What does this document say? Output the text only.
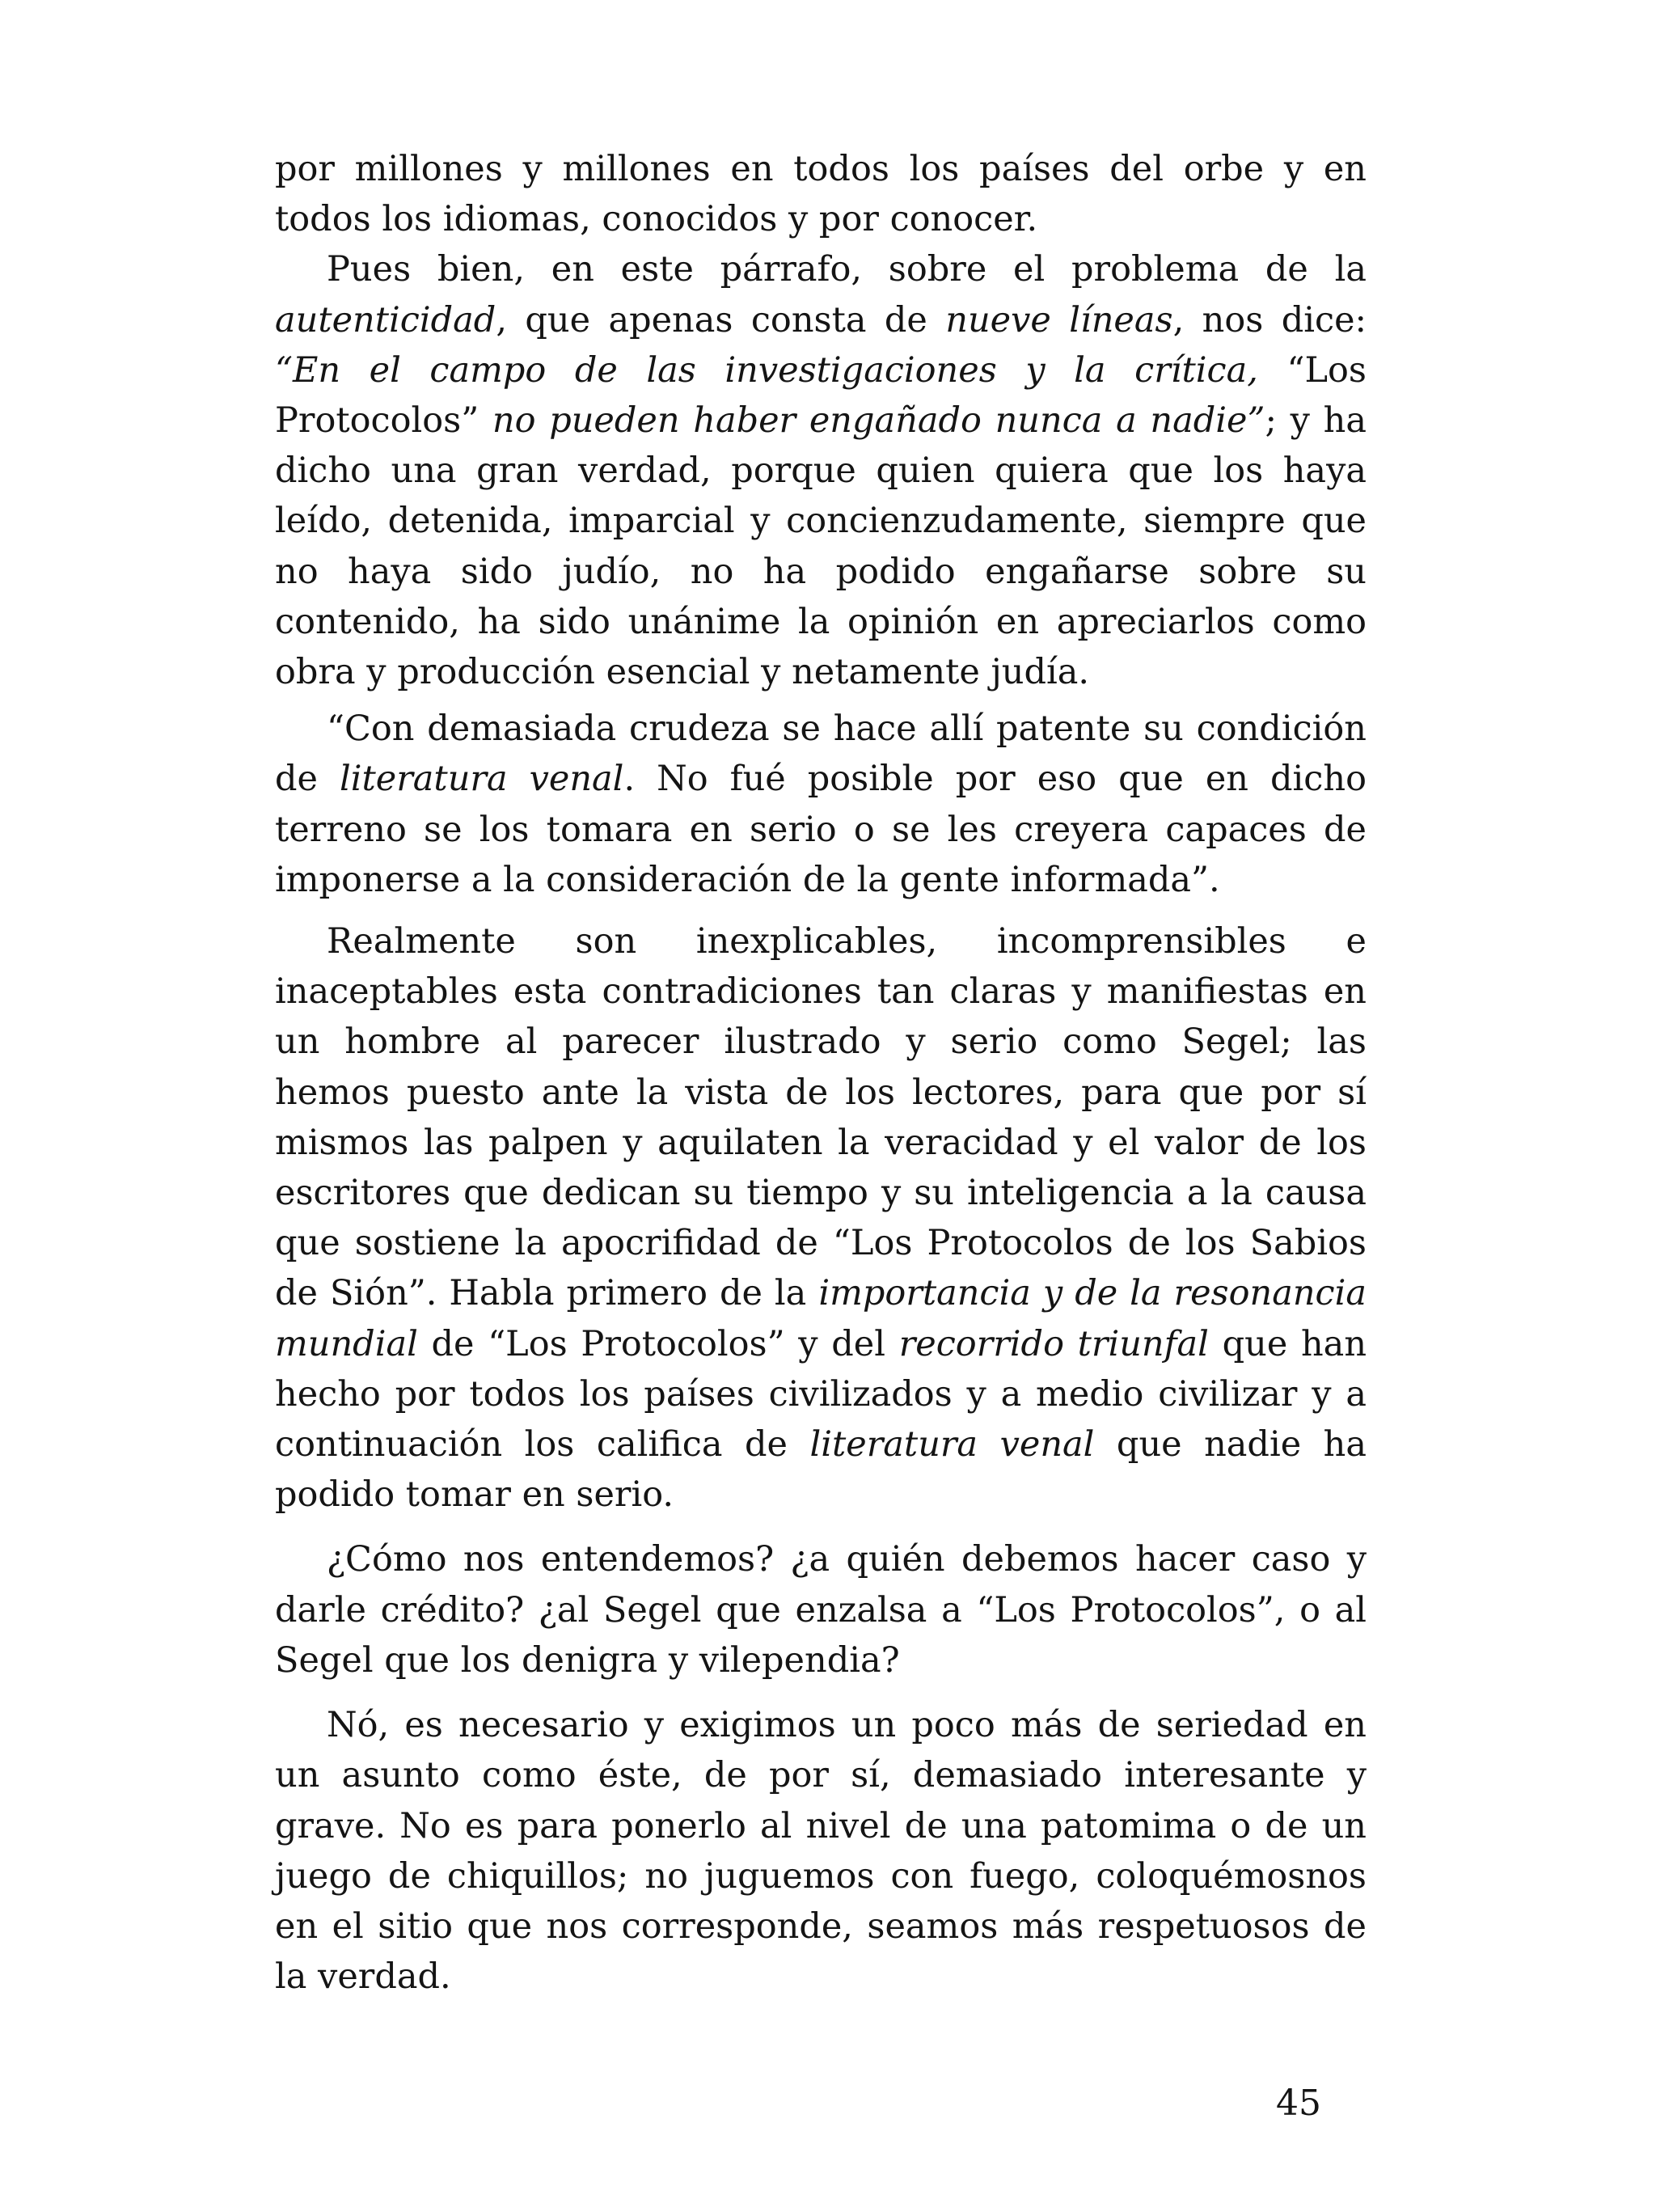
por millones y millones en todos los países del orbe y en todos los idiomas, conocidos y por conocer.

Pues bien, en este párrafo, sobre el problema de la autenticidad, que apenas consta de nueve líneas, nos dice: “En el campo de las investigaciones y la crítica, “Los Protocolos” no pueden haber engañado nunca a nadie”; y ha dicho una gran verdad, porque quien quiera que los haya leído, detenida, imparcial y concienzudamente, siempre que no haya sido judío, no ha podido engañarse sobre su contenido, ha sido unánime la opinión en apreciarlos como obra y producción esencial y netamente judía.

“Con demasiada crudeza se hace allí patente su condición de literatura venal. No fué posible por eso que en dicho terreno se los tomara en serio o se les creyera capaces de imponerse a la consideración de la gente informada”.

Realmente son inexplicables, incomprensibles e inaceptables esta contradiciones tan claras y manifiestas en un hombre al parecer ilustrado y serio como Segel; las hemos puesto ante la vista de los lectores, para que por sí mismos las palpen y aquilaten la veracidad y el valor de los escritores que dedican su tiempo y su inteligencia a la causa que sostiene la apocrifidad de “Los Protocolos de los Sabios de Sión”. Habla primero de la importancia y de la resonancia mundial de “Los Protocolos” y del recorrido triunfal que han hecho por todos los países civilizados y a medio civilizar y a continuación los califica de literatura venal que nadie ha podido tomar en serio.

¿Cómo nos entendemos? ¿a quién debemos hacer caso y darle crédito? ¿al Segel que enzalsa a “Los Protocolos”, o al Segel que los denigra y vilependia?

Nó, es necesario y exigimos un poco más de seriedad en un asunto como éste, de por sí, demasiado interesante y grave. No es para ponerlo al nivel de una patomima o de un juego de chiquillos; no juguemos con fuego, coloquémosnos en el sitio que nos corresponde, seamos más respetuosos de la verdad.

45
